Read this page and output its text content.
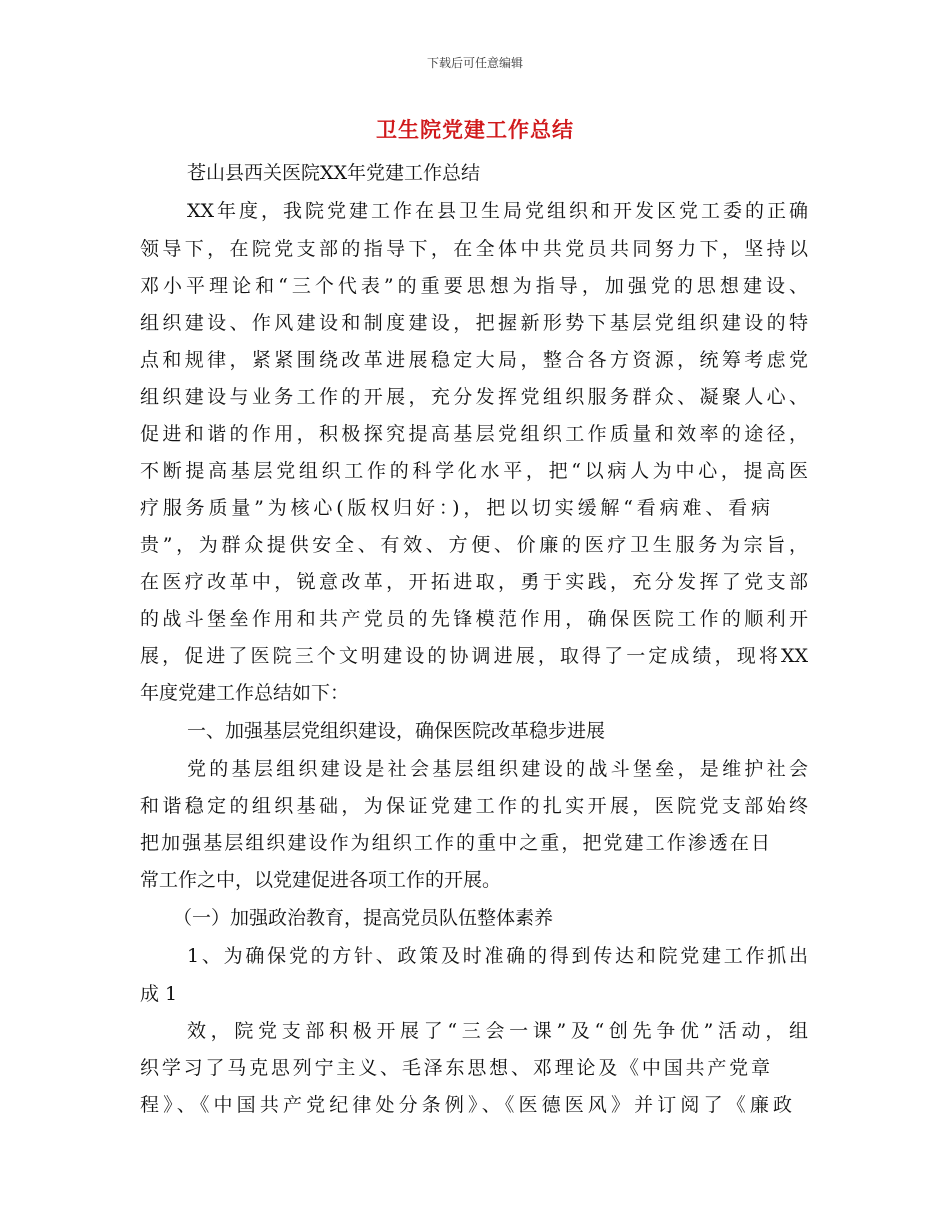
下载后可任意编辑
卫生院党建工作总结
苍山县西关医院XX年党建工作总结
XX年度，我院党建工作在县卫生局党组织和开发区党工委的正确
领导下，在院党支部的指导下，在全体中共党员共同努力下，坚持以
邓小平理论和“三个代表”的重要思想为指导，加强党的思想建设、
组织建设、作风建设和制度建设，把握新形势下基层党组织建设的特
点和规律，紧紧围绕改革进展稳定大局，整合各方资源，统筹考虑党
组织建设与业务工作的开展，充分发挥党组织服务群众、凝聚人心、
促进和谐的作用，积极探究提高基层党组织工作质量和效率的途径，
不断提高基层党组织工作的科学化水平，把“以病人为中心，提高医
疗服务质量”为核心(版权归好：)，把以切实缓解“看病难、看病
贵”，为群众提供安全、有效、方便、价廉的医疗卫生服务为宗旨，
在医疗改革中，锐意改革，开拓进取，勇于实践，充分发挥了党支部
的战斗堡垒作用和共产党员的先锋模范作用，确保医院工作的顺利开
展，促进了医院三个文明建设的协调进展，取得了一定成绩，现将XX
年度党建工作总结如下：
一、加强基层党组织建设，确保医院改革稳步进展
党的基层组织建设是社会基层组织建设的战斗堡垒，是维护社会
和谐稳定的组织基础，为保证党建工作的扎实开展，医院党支部始终
把加强基层组织建设作为组织工作的重中之重，把党建工作渗透在日
常工作之中，以党建促进各项工作的开展。
（一）加强政治教育，提高党员队伍整体素养
1、为确保党的方针、政策及时准确的得到传达和院党建工作抓出
成 1
效，院党支部积极开展了“三会一课”及“创先争优”活动，组
织学习了马克思列宁主义、毛泽东思想、邓理论及《中国共产党章
程》、《中国共产党纪律处分条例》、《医德医风》并订阅了《廉政
